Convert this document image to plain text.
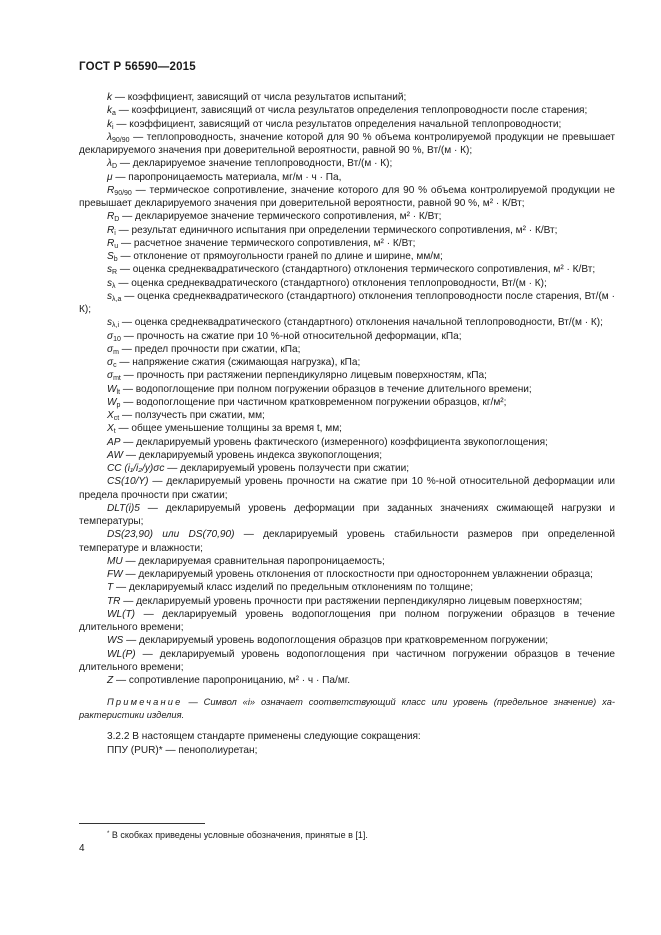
ГОСТ Р 56590—2015

k — коэффициент, зависящий от числа результатов испытаний;

$k_a$ — коэффициент, зависящий от числа результатов определения теплопроводности после старения;

$k_i$ — коэффициент, зависящий от числа результатов определения начальной теплопроводности;

$\lambda_{90/90}$ — теплопроводность, значение которой для 90 % объема контролируемой продукции не превышает декларируемого значения при доверительной вероятности, равной 90 %, Вт/(м · К);

$\lambda_D$ — декларируемое значение теплопроводности, Вт/(м · К);

μ — паропроницаемость материала, мг/м · ч · Па,

$R_{90/90}$ — термическое сопротивление, значение которого для 90 % объема контролируемой продукции не превышает декларируемого значения при доверительной вероятности, равной 90 %, м² · К/Вт;

$R_D$ — декларируемое значение термического сопротивления, м² · К/Вт;

$R_i$ — результат единичного испытания при определении термического сопротивления, м² · К/Вт;

$R_u$ — расчетное значение термического сопротивления, м² · К/Вт;

$S_b$ — отклонение от прямоугольности граней по длине и ширине, мм/м;

$s_R$ — оценка среднеквадратического (стандартного) отклонения термического сопротивления, м² · К/Вт;

$s_\lambda$ — оценка среднеквадратического (стандартного) отклонения теплопроводности, Вт/(м · К);

$s_{\lambda,a}$ — оценка среднеквадратического (стандартного) отклонения теплопроводности после старения, Вт/(м · К);

$s_{\lambda,i}$ — оценка среднеквадратического (стандартного) отклонения начальной теплопроводности, Вт/(м · К);

$\sigma_{10}$ — прочность на сжатие при 10 %-ной относительной деформации, кПа;

$\sigma_m$ — предел прочности при сжатии, кПа;

$\sigma_c$ — напряжение сжатия (сжимающая нагрузка), кПа;

$\sigma_{mt}$ — прочность при растяжении перпендикулярно лицевым поверхностям, кПа;

$W_{lt}$ — водопоглощение при полном погружении образцов в течение длительного времени;

$W_p$ — водопоглощение при частичном кратковременном погружении образцов, кг/м²;

$X_{ct}$ — ползучесть при сжатии, мм;

$X_t$ — общее уменьшение толщины за время t, мм;

AP — декларируемый уровень фактического (измеренного) коэффициента звукопоглощения;

AW — декларируемый уровень индекса звукопоглощения;

CC (i₁/i₂/y)σc — декларируемый уровень ползучести при сжатии;

CS(10/Y) — декларируемый уровень прочности на сжатие при 10 %-ной относительной деформации или предела прочности при сжатии;

DLT(i)5 — декларируемый уровень деформации при заданных значениях сжимающей нагрузки и температуры;

DS(23,90) или DS(70,90) — декларируемый уровень стабильности размеров при определенной температуре и влажности;

MU — декларируемая сравнительная паропроницаемость;

FW — декларируемый уровень отклонения от плоскостности при одностороннем увлажнении образца;

T — декларируемый класс изделий по предельным отклонениям по толщине;

TR — декларируемый уровень прочности при растяжении перпендикулярно лицевым поверхностям;

WL(T) — декларируемый уровень водопоглощения при полном погружении образцов в течение длительного времени;

WS — декларируемый уровень водопоглощения образцов при кратковременном погружении;

WL(P) — декларируемый уровень водопоглощения при частичном погружении образцов в течение длительного времени;

Z — сопротивление паропроницанию, м² · ч · Па/мг.

Примечание — Символ «i» означает соответствующий класс или уровень (предельное значение) характеристики изделия.

3.2.2 В настоящем стандарте применены следующие сокращения:

ППУ (PUR)* — пенополиуретан;

* В скобках приведены условные обозначения, принятые в [1].
4
